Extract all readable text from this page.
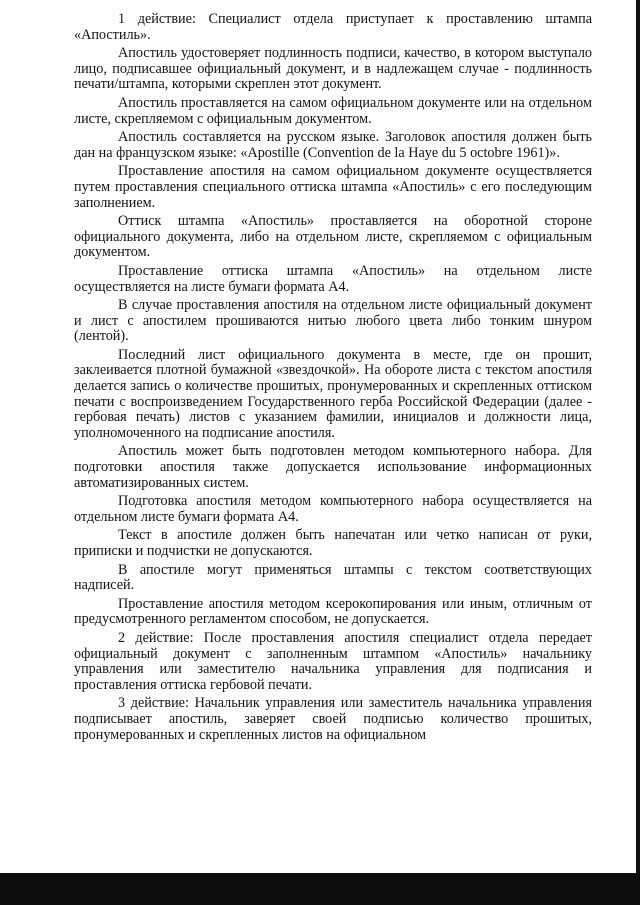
1 действие: Специалист отдела приступает к проставлению штампа «Апостиль».

Апостиль удостоверяет подлинность подписи, качество, в котором выступало лицо, подписавшее официальный документ, и в надлежащем случае - подлинность печати/штампа, которыми скреплен этот документ.

Апостиль проставляется на самом официальном документе или на отдельном листе, скрепляемом с официальным документом.

Апостиль составляется на русском языке. Заголовок апостиля должен быть дан на французском языке: «Apostille (Convention de la Haye du 5 octobre 1961)».

Проставление апостиля на самом официальном документе осуществляется путем проставления специального оттиска штампа «Апостиль» с его последующим заполнением.

Оттиск штампа «Апостиль» проставляется на оборотной стороне официального документа, либо на отдельном листе, скрепляемом с официальным документом.

Проставление оттиска штампа «Апостиль» на отдельном листе осуществляется на листе бумаги формата А4.

В случае проставления апостиля на отдельном листе официальный документ и лист с апостилем прошиваются нитью любого цвета либо тонким шнуром (лентой).

Последний лист официального документа в месте, где он прошит, заклеивается плотной бумажной «звездочкой». На обороте листа с текстом апостиля делается запись о количестве прошитых, пронумерованных и скрепленных оттиском печати с воспроизведением Государственного герба Российской Федерации (далее - гербовая печать) листов с указанием фамилии, инициалов и должности лица, уполномоченного на подписание апостиля.

Апостиль может быть подготовлен методом компьютерного набора. Для подготовки апостиля также допускается использование информационных автоматизированных систем.

Подготовка апостиля методом компьютерного набора осуществляется на отдельном листе бумаги формата А4.

Текст в апостиле должен быть напечатан или четко написан от руки, приписки и подчистки не допускаются.

В апостиле могут применяться штампы с текстом соответствующих надписей.

Проставление апостиля методом ксерокопирования или иным, отличным от предусмотренного регламентом способом, не допускается.

2 действие: После проставления апостиля специалист отдела передает официальный документ с заполненным штампом «Апостиль» начальнику управления или заместителю начальника управления для подписания и проставления оттиска гербовой печати.

3 действие: Начальник управления или заместитель начальника управления подписывает апостиль, заверяет своей подписью количество прошитых, пронумерованных и скрепленных листов на официальном
